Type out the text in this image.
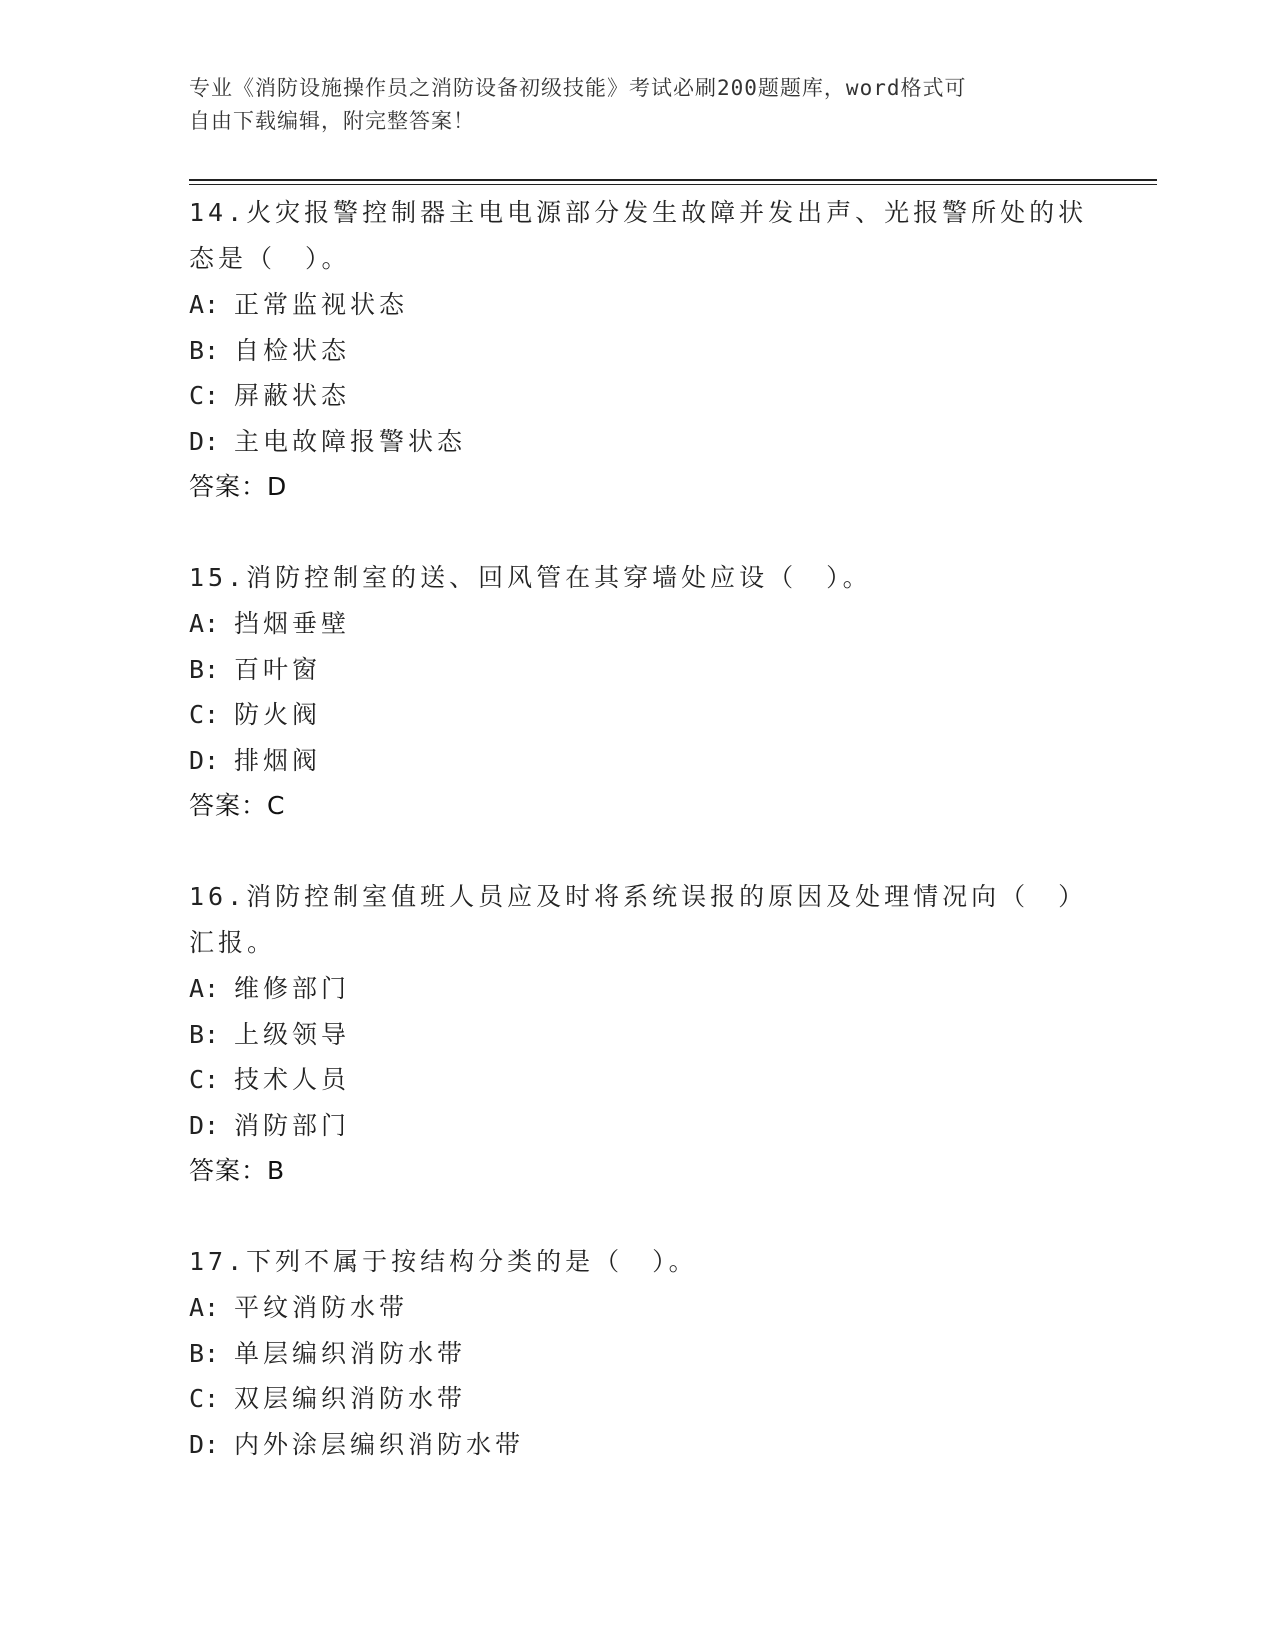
专业《消防设施操作员之消防设备初级技能》考试必刷200题题库，word格式可
自由下载编辑，附完整答案！
14.火灾报警控制器主电电源部分发生故障并发出声、光报警所处的状
态是（　）。
A: 正常监视状态
B: 自检状态
C: 屏蔽状态
D: 主电故障报警状态
答案：D
15.消防控制室的送、回风管在其穿墙处应设（　）。
A: 挡烟垂壁
B: 百叶窗
C: 防火阀
D: 排烟阀
答案：C
16.消防控制室值班人员应及时将系统误报的原因及处理情况向（　）
汇报。
A: 维修部门
B: 上级领导
C: 技术人员
D: 消防部门
答案：B
17.下列不属于按结构分类的是（　）。
A: 平纹消防水带
B: 单层编织消防水带
C: 双层编织消防水带
D: 内外涂层编织消防水带
